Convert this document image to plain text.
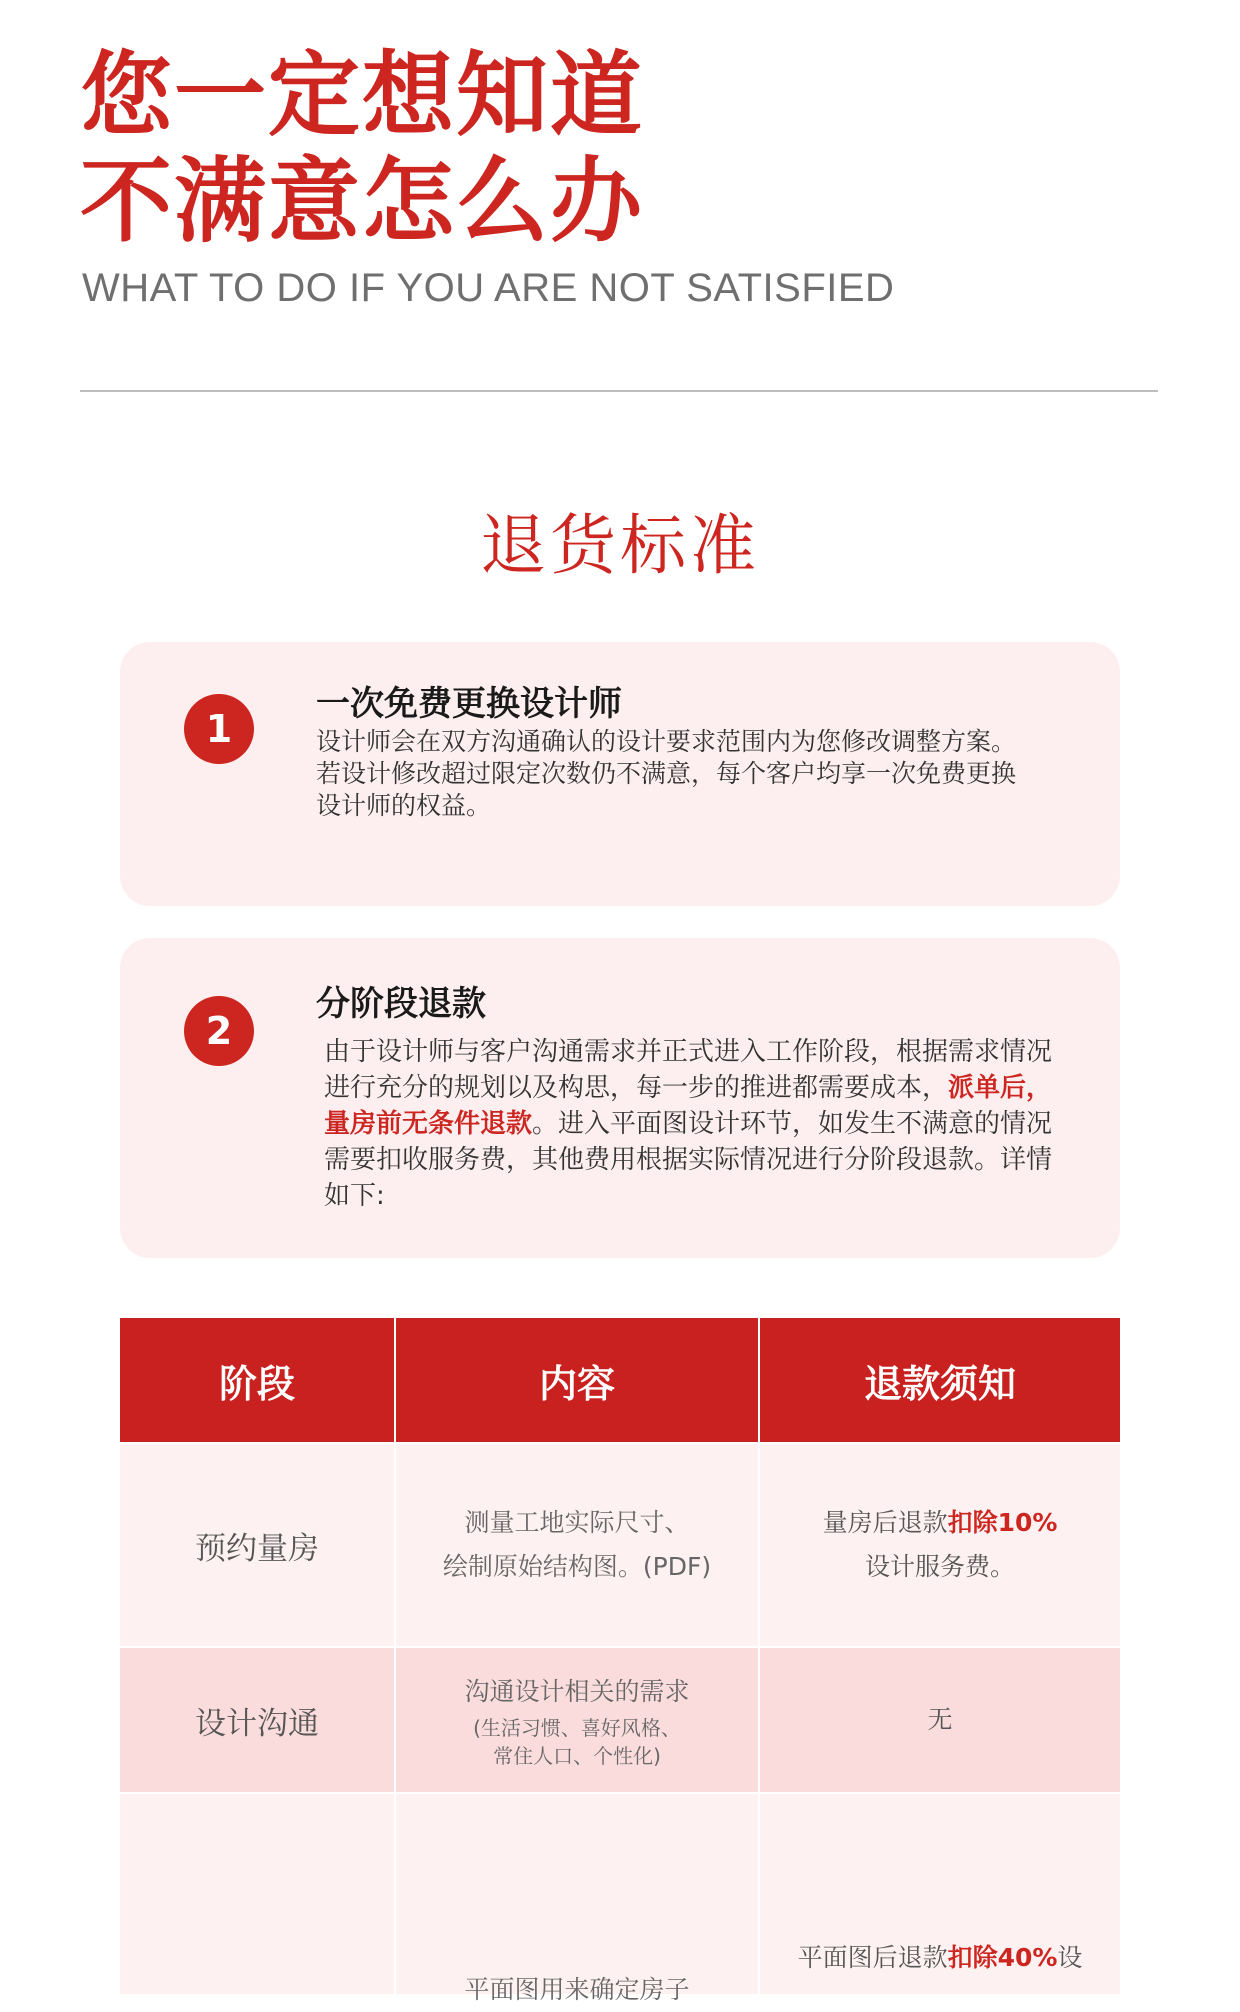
您一定想知道
不满意怎么办
WHAT TO DO IF YOU ARE NOT SATISFIED
退货标准
1
一次免费更换设计师
设计师会在双方沟通确认的设计要求范围内为您修改调整方案。若设计修改超过限定次数仍不满意，每个客户均享一次免费更换设计师的权益。
2
分阶段退款
由于设计师与客户沟通需求并正式进入工作阶段，根据需求情况进行充分的规划以及构思，每一步的推进都需要成本，派单后，量房前无条件退款。进入平面图设计环节，如发生不满意的情况需要扣收服务费，其他费用根据实际情况进行分阶段退款。详情如下:
阶段	内容	退款须知
预约量房
测量工地实际尺寸、
绘制原始结构图。(PDF)
量房后退款扣除10%
设计服务费。
设计沟通
沟通设计相关的需求
(生活习惯、喜好风格、
常住人口、个性化)
无
平面图用来确定房子
平面图后退款扣除40%设
